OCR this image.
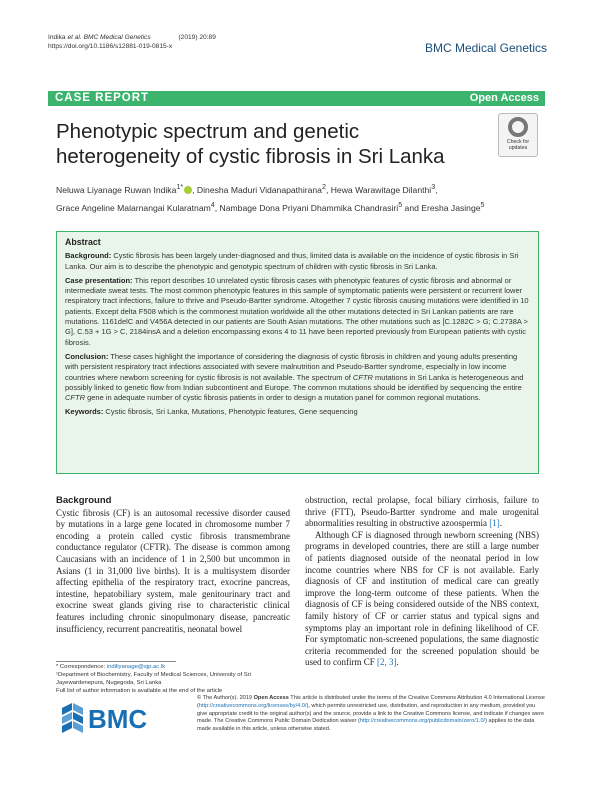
Indika et al. BMC Medical Genetics	(2019) 20:89
https://doi.org/10.1186/s12881-019-0815-x	BMC Medical Genetics
CASE REPORT	Open Access
Phenotypic spectrum and genetic heterogeneity of cystic fibrosis in Sri Lanka
Check for
updates
Neluwa Liyanage Ruwan Indika$^{1*}$ , Dinesha Maduri Vidanapathirana$^2$, Hewa Warawitage Dilanthi$^3$,
Grace Angeline Malarnangai Kularatnam$^4$, Nambage Dona Priyani Dhammika Chandrasiri$^5$ and Eresha Jasinge$^5$
Abstract

Background: Cystic fibrosis has been largely under-diagnosed and thus, limited data is available on the incidence of cystic fibrosis in Sri Lanka. Our aim is to describe the phenotypic and genotypic spectrum of children with cystic fibrosis in Sri Lanka.

Case presentation: This report describes 10 unrelated cystic fibrosis cases with phenotypic features of cystic fibrosis and abnormal or intermediate sweat tests. The most common phenotypic features in this sample of symptomatic patients were persistent or recurrent lower respiratory tract infections, failure to thrive and Pseudo-Bartter syndrome. Altogether 7 cystic fibrosis causing mutations were identified in 10 patients. Except delta F508 which is the commonest mutation worldwide all the other mutations detected in Sri Lankan patients are rare mutations. 1161delC and V456A detected in our patients are South Asian mutations. The other mutations such as [C.1282C > G; C.2738A > G], C.53 + 1G > C, 2184insA and a deletion encompassing exons 4 to 11 have been reported previously from European patients with cystic fibrosis.

Conclusion: These cases highlight the importance of considering the diagnosis of cystic fibrosis in children and young adults presenting with persistent respiratory tract infections associated with severe malnutrition and Pseudo-Bartter syndrome, especially in low income countries where newborn screening for cystic fibrosis is not available. The spectrum of CFTR mutations in Sri Lanka is heterogeneous and possibly linked to genetic flow from Indian subcontinent and Europe. The common mutations should be identified by sequencing the entire CFTR gene in adequate number of cystic fibrosis patients in order to design a mutation panel for common regional mutations.

Keywords: Cystic fibrosis, Sri Lanka, Mutations, Phenotypic features, Gene sequencing

Background

Cystic fibrosis (CF) is an autosomal recessive disorder caused by mutations in a large gene located in chromosome number 7 encoding a protein called cystic fibrosis transmembrane conductance regulator (CFTR). The disease is common among Caucasians with an incidence of 1 in 2,500 but uncommon in Asians (1 in 31,000 live births). It is a multisystem disorder affecting epithelia of the respiratory tract, exocrine pancreas, intestine, hepatobiliary system, male genitourinary tract and exocrine sweat glands giving rise to characteristic clinical features including chronic sinopulmonary disease, pancreatic insufficiency, recurrent pancreatitis, neonatal bowel

obstruction, rectal prolapse, focal biliary cirrhosis, failure to thrive (FTT), Pseudo-Bartter syndrome and male urogenital abnormalities resulting in obstructive azoospermia [1].

Although CF is diagnosed through newborn screening (NBS) programs in developed countries, there are still a large number of patients diagnosed outside of the neonatal period in low income countries where NBS for CF is not available. Early diagnosis of CF and institution of medical care can greatly improve the long-term outcome of these patients. When the diagnosis of CF is being considered outside of the NBS context, family history of CF or carrier status and typical signs and symptoms play an important role in defining likelihood of CF. For symptomatic non-screened populations, the same diagnostic criteria recommended for the screened population should be used to confirm CF [2, 3].

* Correspondence: indiliyanage@sjp.ac.lk
¹Department of Biochemistry, Faculty of Medical Sciences, University of Sri Jayewardenepura, Nugegoda, Sri Lanka
Full list of author information is available at the end of the article
BMC
© The Author(s). 2019 Open Access This article is distributed under the terms of the Creative Commons Attribution 4.0 International License (http://creativecommons.org/licenses/by/4.0/), which permits unrestricted use, distribution, and reproduction in any medium, provided you give appropriate credit to the original author(s) and the source, provide a link to the Creative Commons license, and indicate if changes were made. The Creative Commons Public Domain Dedication waiver (http://creativecommons.org/publicdomain/zero/1.0/) applies to the data made available in this article, unless otherwise stated.
